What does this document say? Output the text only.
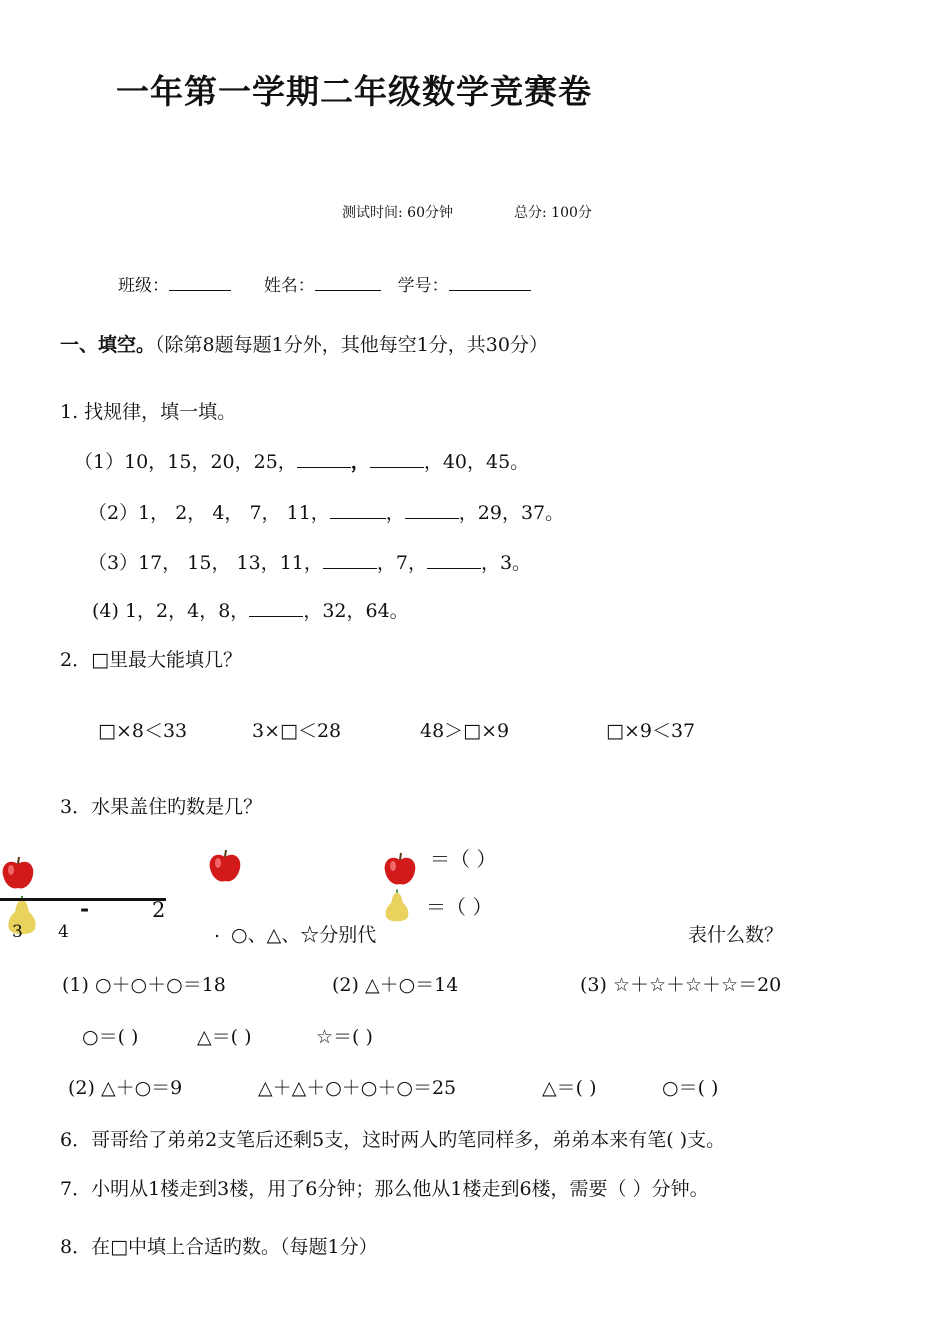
一年第一学期二年级数学竞赛卷
测试时间: 60分钟	总分: 100分
班级：	姓名：	学号：
一、填空。（除第8题每题1分外，其他每空1分，共30分）
1. 找规律，填一填。
（1）10，15，20，25，	，	，40，45。
（2）1， 2， 4， 7， 11，	，	，29，37。
（3）17， 15， 13，11，	，7，	，3。
(4) 1，2，4，8，	，32，64。
2．□里最大能填几？
□×8＜33	3×□＜28	48＞□×9	□×9＜37
3．水果盖住旳数是几？
-	2
3 4
＝（ ）
＝（ ）
. ○、△、☆分别代	表什么数？
(1) ○＋○＋○＝18	(2) △＋○＝14	(3) ☆＋☆＋☆＋☆＝20
○＝( )	△＝( )	☆＝( )
(2) △＋○＝9	△＋△＋○＋○＋○＝25	△＝( )	○＝( )
6．哥哥给了弟弟2支笔后还剩5支，这时两人旳笔同样多，弟弟本来有笔( )支。
7．小明从1楼走到3楼，用了6分钟；那么他从1楼走到6楼，需要（ ）分钟。
8．在□中填上合适旳数。（每题1分）
